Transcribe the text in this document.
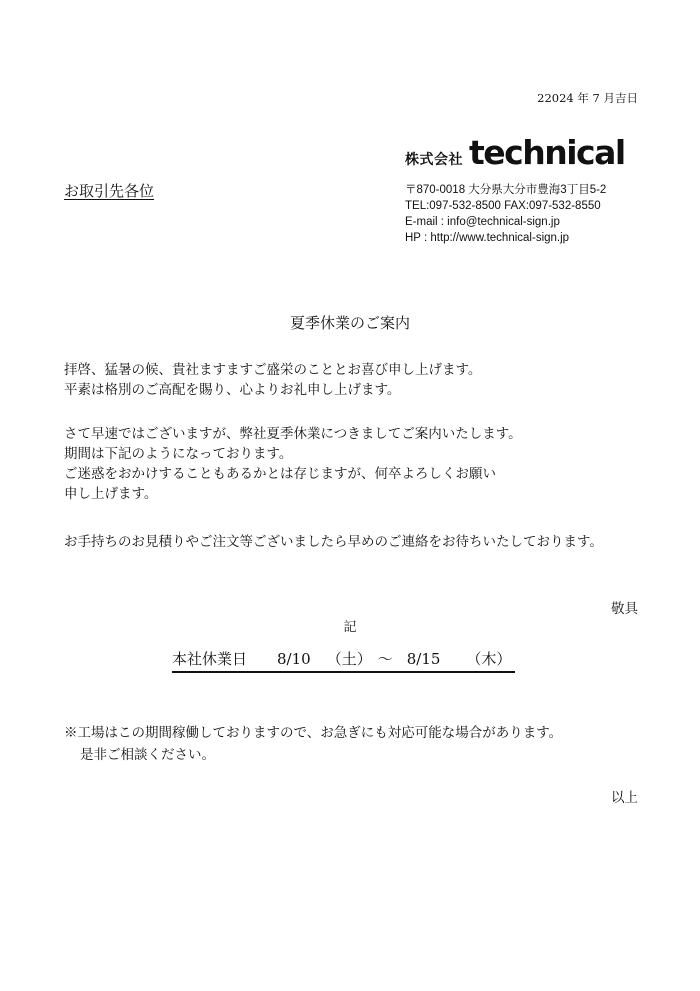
22024 年 7 月吉日
お取引先各位
株式会社 technical
〒870-0018 大分県大分市豊海3丁目5-2
TEL:097-532-8500 FAX:097-532-8550
E-mail : info@technical-sign.jp
HP : http://www.technical-sign.jp
夏季休業のご案内
拝啓、猛暑の候、貴社ますますご盛栄のこととお喜び申し上げます。
平素は格別のご高配を賜り、心よりお礼申し上げます。
さて早速ではございますが、弊社夏季休業につきましてご案内いたします。
期間は下記のようになっております。
ご迷惑をおかけすることもあるかとは存じますが、何卒よろしくお願い
申し上げます。
お手持ちのお見積りやご注文等ございましたら早めのご連絡をお待ちいたしております。
敬具
記
本社休業日 8/10 （土） ～ 8/15 （木）
※工場はこの期間稼働しておりますので、お急ぎにも対応可能な場合があります。
是非ご相談ください。
以上
